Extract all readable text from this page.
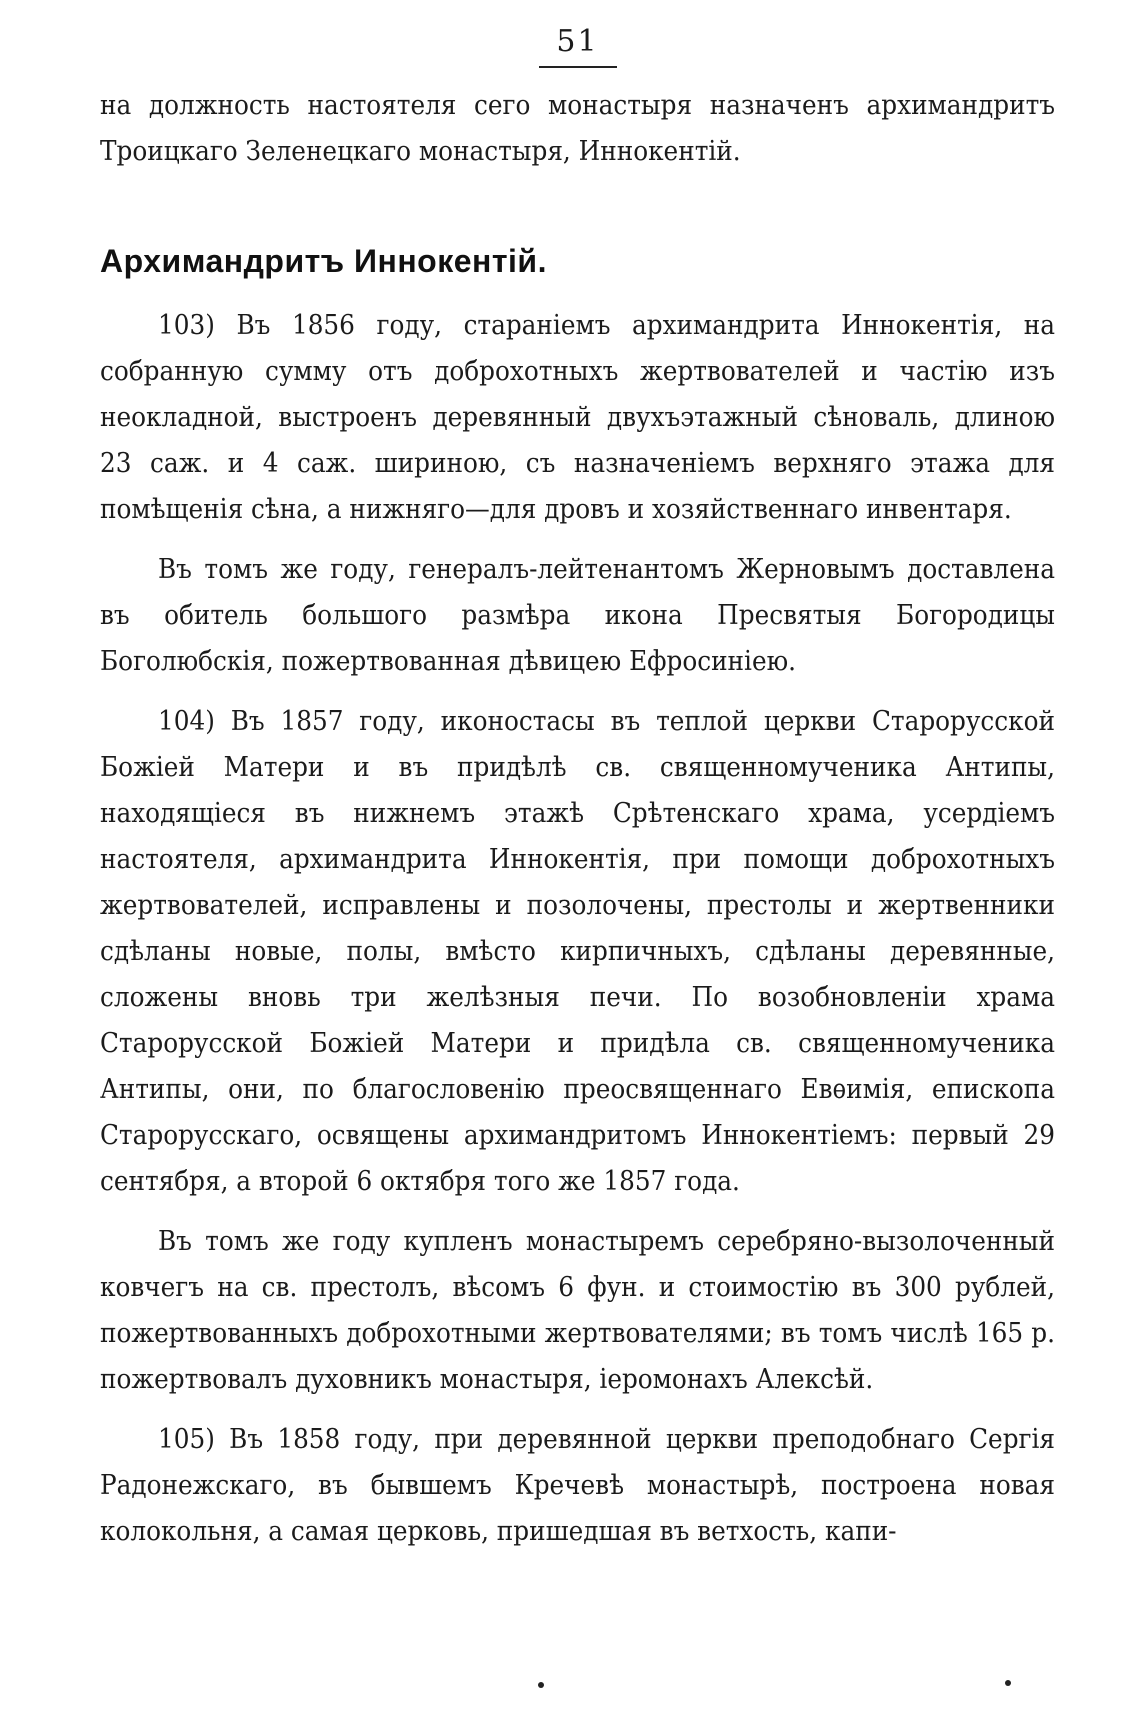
51

на должность настоятеля сего монастыря назначенъ архимандритъ Троицкаго Зеленецкаго монастыря, Иннокентій.

Архимандритъ Иннокентій.

103) Въ 1856 году, стараніемъ архимандрита Иннокентія, на собранную сумму отъ доброхотныхъ жертвователей и частію изъ неокладной, выстроенъ деревянный двухъэтажный сѣноваль, длиною 23 саж. и 4 саж. шириною, съ назначеніемъ верхняго этажа для помѣщенія сѣна, а нижняго—для дровъ и хозяйственнаго инвентаря.

Въ томъ же году, генералъ-лейтенантомъ Жерновымъ доставлена въ обитель большого размѣра икона Пресвятыя Богородицы Боголюбскія, пожертвованная дѣвицею Ефросиніею.

104) Въ 1857 году, иконостасы въ теплой церкви Старорусской Божіей Матери и въ придѣлѣ св. священномученика Антипы, находящіеся въ нижнемъ этажѣ Срѣтенскаго храма, усердіемъ настоятеля, архимандрита Иннокентія, при помощи доброхотныхъ жертвователей, исправлены и позолочены, престолы и жертвенники сдѣланы новые, полы, вмѣсто кирпичныхъ, сдѣланы деревянные, сложены вновь три желѣзныя печи. По возобновленіи храма Старорусской Божіей Матери и придѣла св. священномученика Антипы, они, по благословенію преосвященнаго Евѳимія, епископа Старорусскаго, освящены архимандритомъ Иннокентіемъ: первый 29 сентября, а второй 6 октября того же 1857 года.

Въ томъ же году купленъ монастыремъ серебряно-вызолоченный ковчегъ на св. престолъ, вѣсомъ 6 фун. и стоимостію въ 300 рублей, пожертвованныхъ доброхотными жертвователями; въ томъ числѣ 165 р. пожертвовалъ духовникъ монастыря, іеромонахъ Алексѣй.

105) Въ 1858 году, при деревянной церкви преподобнаго Сергія Радонежскаго, въ бывшемъ Кречевѣ монастырѣ, построена новая колокольня, а самая церковь, пришедшая въ ветхость, капи-
